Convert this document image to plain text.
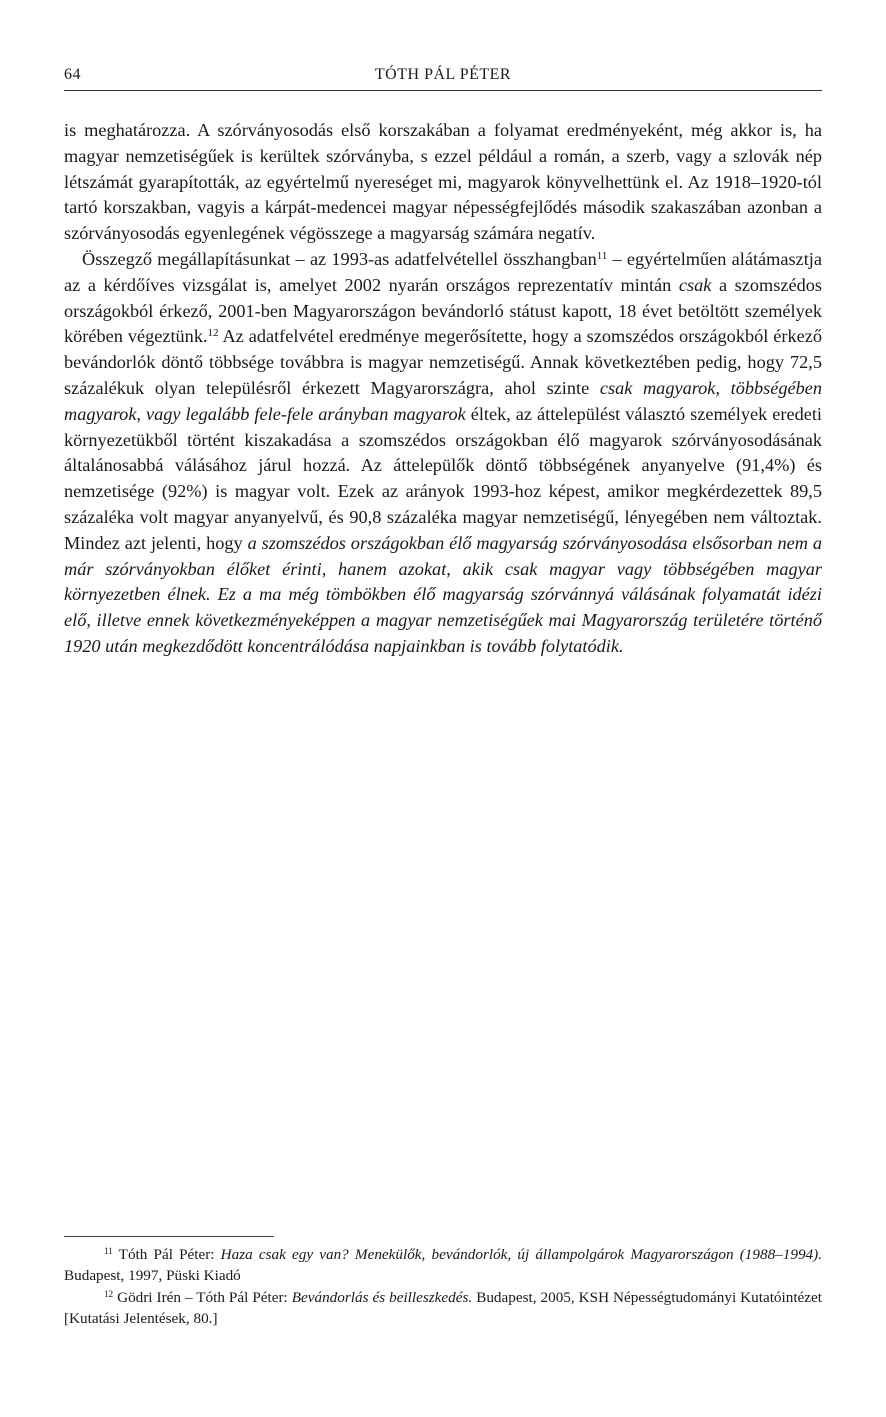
64	TÓTH PÁL PÉTER

is meghatározza. A szórványosodás első korszakában a folyamat eredményeként, még akkor is, ha magyar nemzetiségűek is kerültek szórványba, s ezzel például a román, a szerb, vagy a szlovák nép létszámát gyarapították, az egyértelmű nyereséget mi, magyarok könyvelhettünk el. Az 1918–1920-tól tartó korszakban, vagyis a kárpát-medencei magyar népességfejlődés második szakaszában azonban a szórványosodás egyenlegének végösszege a magyarság számára negatív.

Összegző megállapításunkat – az 1993-as adatfelvétellel összhangban$^{11}$ – egyértelműen alátámasztja az a kérdőíves vizsgálat is, amelyet 2002 nyarán országos reprezentatív mintán csak a szomszédos országokból érkező, 2001-ben Magyarországon bevándorló státust kapott, 18 évet betöltött személyek körében végeztünk.$^{12}$ Az adatfelvétel eredménye megerősítette, hogy a szomszédos országokból érkező bevándorlók döntő többsége továbbra is magyar nemzetiségű. Annak következtében pedig, hogy 72,5 százalékuk olyan településről érkezett Magyarországra, ahol szinte csak magyarok, többségében magyarok, vagy legalább fele-fele arányban magyarok éltek, az áttelepülést választó személyek eredeti környezetükből történt kiszakadása a szomszédos országokban élő magyarok szórványosodásának általánosabbá válásához járul hozzá. Az áttelepülők döntő többségének anyanyelve (91,4%) és nemzetisége (92%) is magyar volt. Ezek az arányok 1993-hoz képest, amikor megkérdezettek 89,5 százaléka volt magyar anyanyelvű, és 90,8 százaléka magyar nemzetiségű, lényegében nem változtak. Mindez azt jelenti, hogy a szomszédos országokban élő magyarság szórványosodása elsősorban nem a már szórványokban élőket érinti, hanem azokat, akik csak magyar vagy többségében magyar környezetben élnek. Ez a ma még tömbökben élő magyarság szórvánnyá válásának folyamatát idézi elő, illetve ennek következményeképpen a magyar nemzetiségűek mai Magyarország területére történő 1920 után megkezdődött koncentrálódása napjainkban is tovább folytatódik.

$^{11}$ Tóth Pál Péter: Haza csak egy van? Menekülők, bevándorlók, új állampolgárok Magyarországon (1988–1994). Budapest, 1997, Püski Kiadó

$^{12}$ Gödri Irén – Tóth Pál Péter: Bevándorlás és beilleszkedés. Budapest, 2005, KSH Népességtudományi Kutatóintézet [Kutatási Jelentések, 80.]
